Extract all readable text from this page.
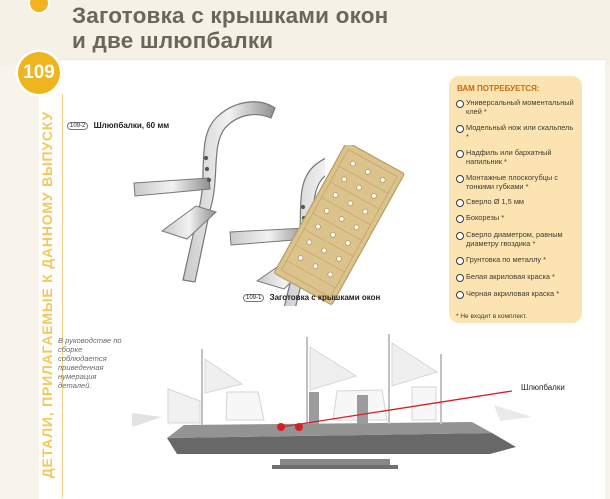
Заготовка с крышками окон
и две шлюпбалки
109
ДЕТАЛИ, ПРИЛАГАЕМЫЕ К ДАННОМУ ВЫПУСКУ	109-2 Шлюпбалки, 60 мм
109-1 Заготовка с крышками окон
ВАМ ПОТРЕБУЕТСЯ:
Универсальный моментальный клей *
Модельный нож или скальпель *
Надфиль или бархатный напильник *
Монтажные плоскогубцы с тонкими губками *
Сверло Ø 1,5 мм
Бокорезы *
Сверло диаметром, равным диаметру гвоздика *
Грунтовка по металлу *
Белая акриловая краска *
Черная акриловая краска *
* Не входит в комплект.
В руководстве по сборке соблюдается приведенная нумерация деталей.	Шлюпбалки
